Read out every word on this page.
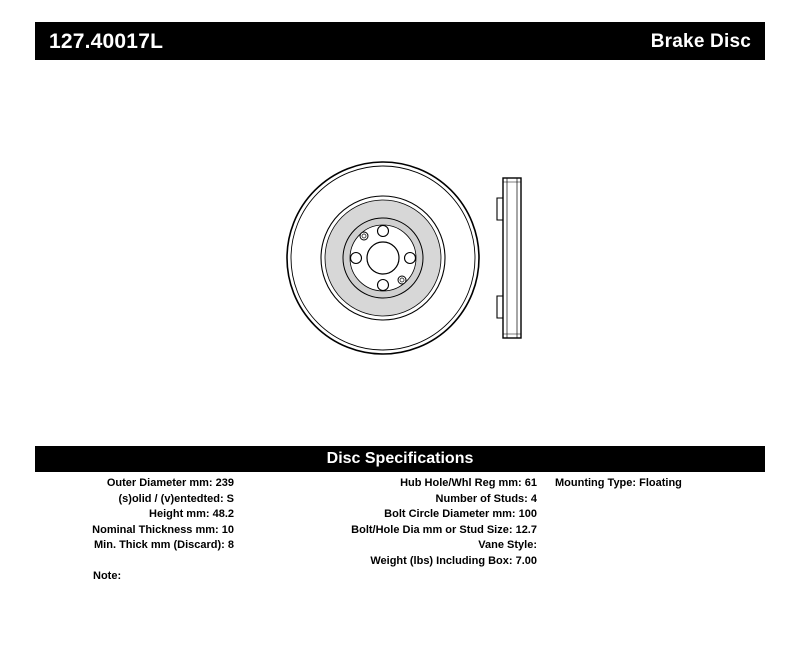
127.40017L	Brake Disc
Disc Specifications
Outer Diameter mm: 239
(s)olid / (v)entedted: S
Height mm: 48.2
Nominal Thickness mm: 10
Min. Thick mm (Discard): 8
Hub Hole/Whl Reg mm: 61
Number of Studs: 4
Bolt Circle Diameter mm: 100
Bolt/Hole Dia mm or Stud Size: 12.7
Vane Style:
Weight (lbs) Including Box: 7.00
Mounting Type: Floating
Note:
